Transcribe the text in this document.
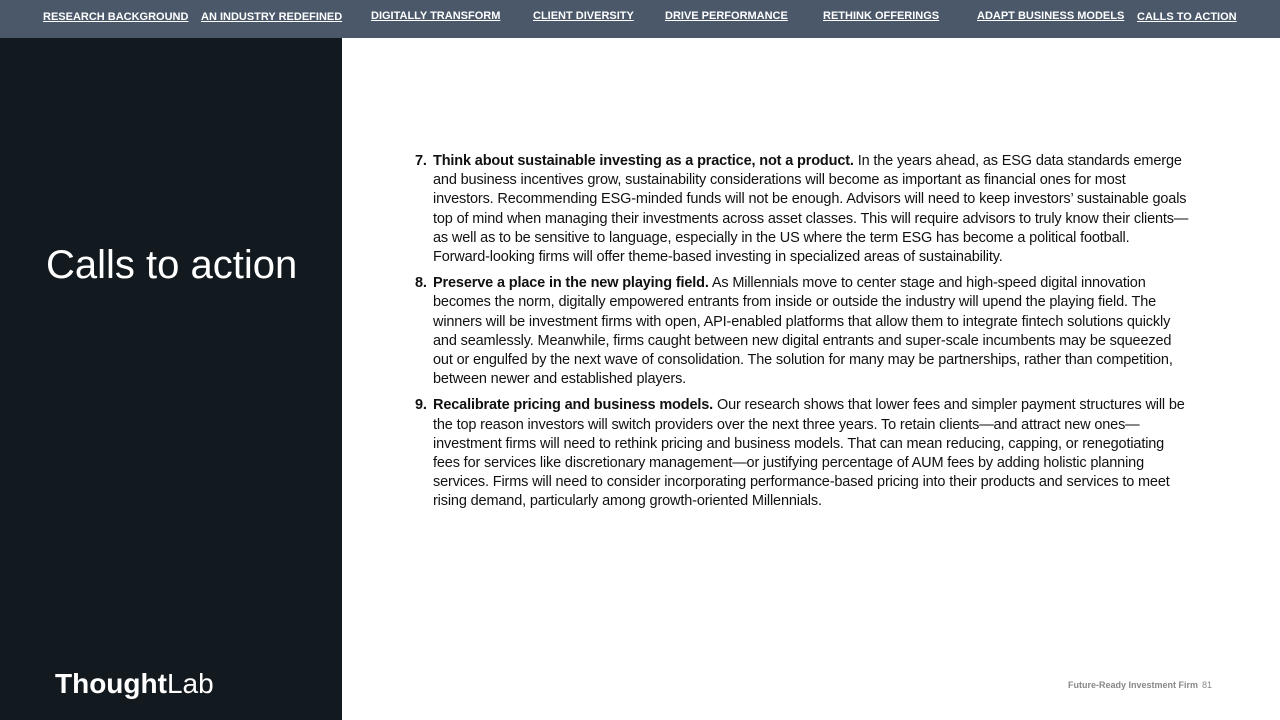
RESEARCH BACKGROUND AN INDUSTRY REDEFINED	DIGITALLY TRANSFORM	CLIENT DIVERSITY	DRIVE PERFORMANCE	RETHINK OFFERINGS	ADAPT BUSINESS MODELS CALLS TO ACTION
Calls to action
ThoughtLab

7. Think about sustainable investing as a practice, not a product. In the years ahead, as ESG data standards emerge and business incentives grow, sustainability considerations will become as important as financial ones for most investors. Recommending ESG-minded funds will not be enough. Advisors will need to keep investors’ sustainable goals top of mind when managing their investments across asset classes. This will require advisors to truly know their clients—as well as to be sensitive to language, especially in the US where the term ESG has become a political football. Forward-looking firms will offer theme-based investing in specialized areas of sustainability.

8. Preserve a place in the new playing field. As Millennials move to center stage and high-speed digital innovation becomes the norm, digitally empowered entrants from inside or outside the industry will upend the playing field. The winners will be investment firms with open, API-enabled platforms that allow them to integrate fintech solutions quickly and seamlessly. Meanwhile, firms caught between new digital entrants and super-scale incumbents may be squeezed out or engulfed by the next wave of consolidation. The solution for many may be partnerships, rather than competition, between newer and established players.

9. Recalibrate pricing and business models. Our research shows that lower fees and simpler payment structures will be the top reason investors will switch providers over the next three years. To retain clients—and attract new ones—investment firms will need to rethink pricing and business models. That can mean reducing, capping, or renegotiating fees for services like discretionary management—or justifying percentage of AUM fees by adding holistic planning services. Firms will need to consider incorporating performance-based pricing into their products and services to meet rising demand, particularly among growth-oriented Millennials.

Future-Ready Investment Firm 81
